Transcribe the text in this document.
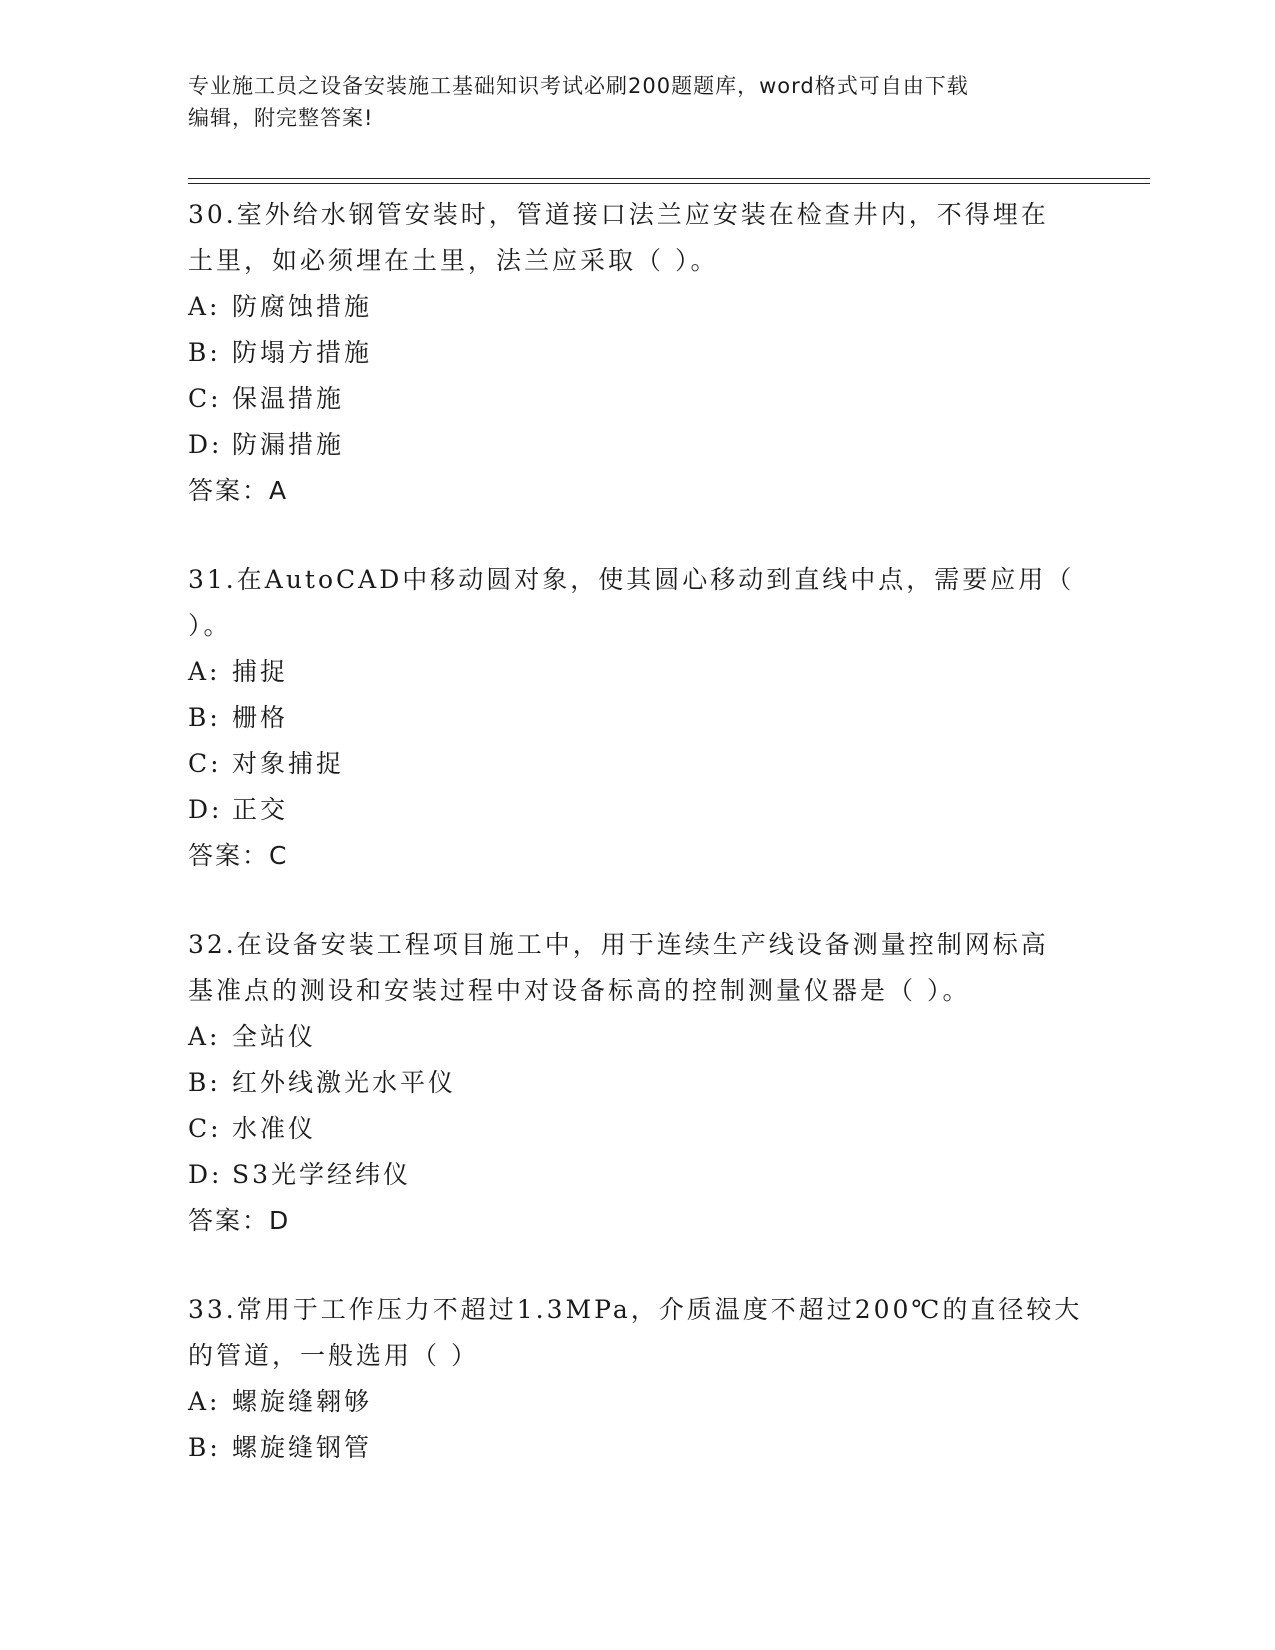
专业施工员之设备安装施工基础知识考试必刷200题题库，word格式可自由下载
编辑，附完整答案!

30.室外给水钢管安装时，管道接口法兰应安装在检查井内，不得埋在

土里，如必须埋在土里，法兰应采取（ ）。

A: 防腐蚀措施

B: 防塌方措施

C: 保温措施

D: 防漏措施

答案：A

31.在AutoCAD中移动圆对象，使其圆心移动到直线中点，需要应用（

）。

A: 捕捉

B: 栅格

C: 对象捕捉

D: 正交

答案：C

32.在设备安装工程项目施工中，用于连续生产线设备测量控制网标高

基准点的测设和安装过程中对设备标高的控制测量仪器是（ ）。

A: 全站仪

B: 红外线激光水平仪

C: 水准仪

D: S3光学经纬仪

答案：D

33.常用于工作压力不超过1.3MPa，介质温度不超过200℃的直径较大

的管道，一般选用（ ）

A: 螺旋缝翱够

B: 螺旋缝钢管
